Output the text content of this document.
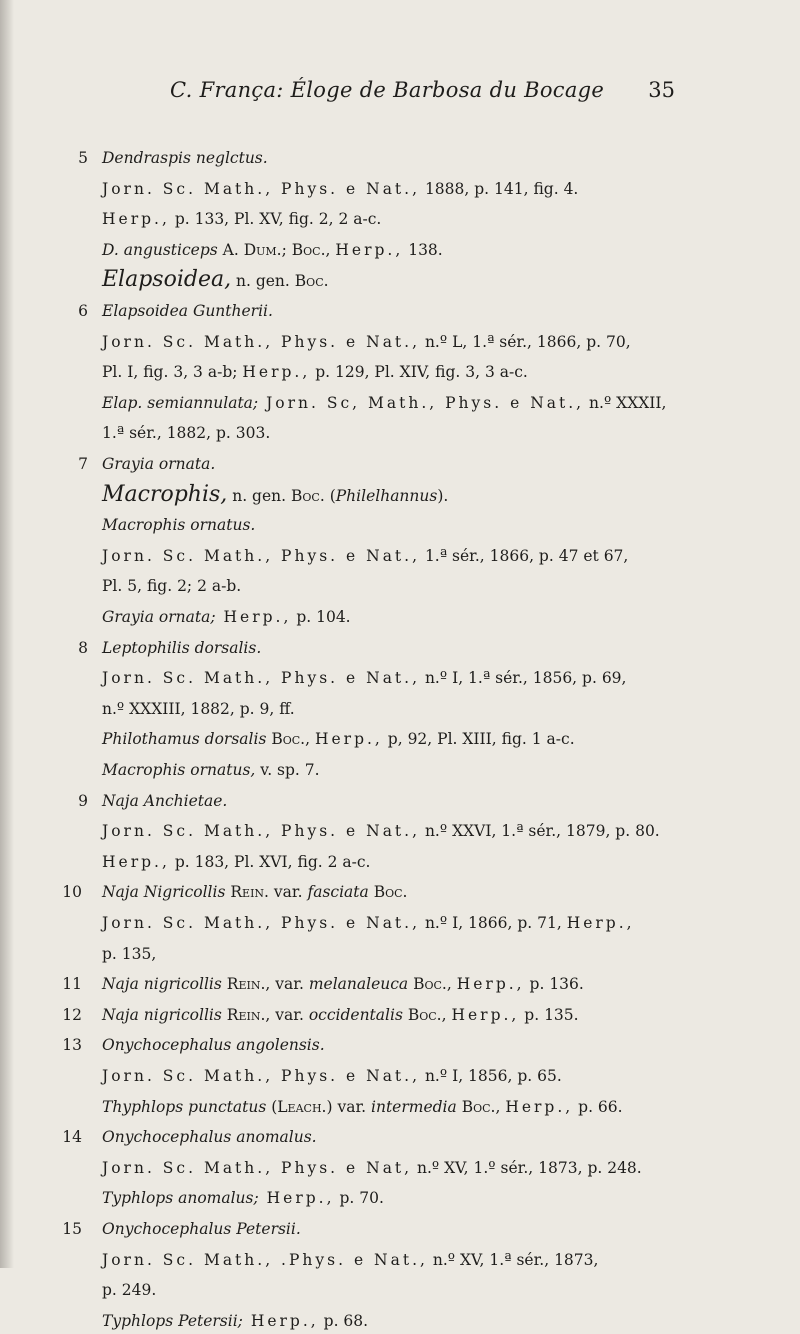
C. França: Éloge de Barbosa du Bocage 35
5 Dendraspis neglctus.
Jorn. Sc. Math., Phys. e Nat., 1888, p. 141, fig. 4.
Herp., p. 133, Pl. XV, fig. 2, 2 a-c.
D. angusticeps A. Dum.; Boc., Herp., 138.
Elapsoidea, n. gen. Boc.
6 Elapsoidea Guntherii.
Jorn. Sc. Math., Phys. e Nat., n.º L, 1.ª sér., 1866, p. 70,
Pl. I, fig. 3, 3 a-b; Herp., p. 129, Pl. XIV, fig. 3, 3 a-c.
Elap. semiannulata; Jorn. Sc, Math., Phys. e Nat., n.º XXXII,
1.ª sér., 1882, p. 303.
7 Grayia ornata.
Macrophis, n. gen. Boc. (Philelhannus).
Macrophis ornatus.
Jorn. Sc. Math., Phys. e Nat., 1.ª sér., 1866, p. 47 et 67,
Pl. 5, fig. 2; 2 a-b.
Grayia ornata; Herp., p. 104.
8 Leptophilis dorsalis.
Jorn. Sc. Math., Phys. e Nat., n.º I, 1.ª sér., 1856, p. 69,
n.º XXXIII, 1882, p. 9, ff.
Philothamus dorsalis Boc., Herp., p, 92, Pl. XIII, fig. 1 a-c.
Macrophis ornatus, v. sp. 7.
9 Naja Anchietae.
Jorn. Sc. Math., Phys. e Nat., n.º XXVI, 1.ª sér., 1879, p. 80.
Herp., p. 183, Pl. XVI, fig. 2 a-c.
10 Naja Nigricollis Rein. var. fasciata Boc.
Jorn. Sc. Math., Phys. e Nat., n.º I, 1866, p. 71, Herp.,
p. 135,
11 Naja nigricollis Rein., var. melanaleuca Boc., Herp., p. 136.
12 Naja nigricollis Rein., var. occidentalis Boc., Herp., p. 135.
13 Onychocephalus angolensis.
Jorn. Sc. Math., Phys. e Nat., n.º I, 1856, p. 65.
Thyphlops punctatus (Leach.) var. intermedia Boc., Herp., p. 66.
14 Onychocephalus anomalus.
Jorn. Sc. Math., Phys. e Nat, n.º XV, 1.º sér., 1873, p. 248.
Typhlops anomalus; Herp., p. 70.
15 Onychocephalus Petersii.
Jorn. Sc. Math., .Phys. e Nat., n.º XV, 1.ª sér., 1873,
p. 249.
Typhlops Petersii; Herp., p. 68.
